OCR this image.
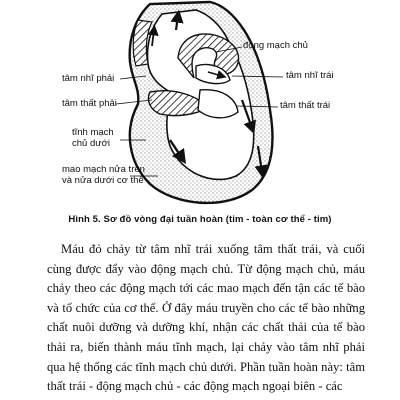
động mạch chủ
tâm nhĩ trái
tâm nhĩ phải
tâm thất phải	tâm thất trái
tĩnh mạch
chủ dưới
mao mạch nửa trên
và nửa dưới cơ thể
Hình 5. Sơ đồ vòng đại tuần hoàn (tim - toàn cơ thể - tim)

Máu đỏ chảy từ tâm nhĩ trái xuống tâm thất trái, và cuối cùng được đẩy vào động mạch chủ. Từ động mạch chủ, máu chảy theo các động mạch tới các mao mạch đến tận các tế bào và tổ chức của cơ thể. Ở đây máu truyền cho các tế bào những chất nuôi dưỡng và dưỡng khí, nhận các chất thải của tế bào thải ra, biến thành máu tĩnh mạch, lại chảy vào tâm nhĩ phải qua hệ thống các tĩnh mạch chủ dưới. Phần tuần hoàn này: tâm thất trái - động mạch chủ - các động mạch ngoại biên - các
